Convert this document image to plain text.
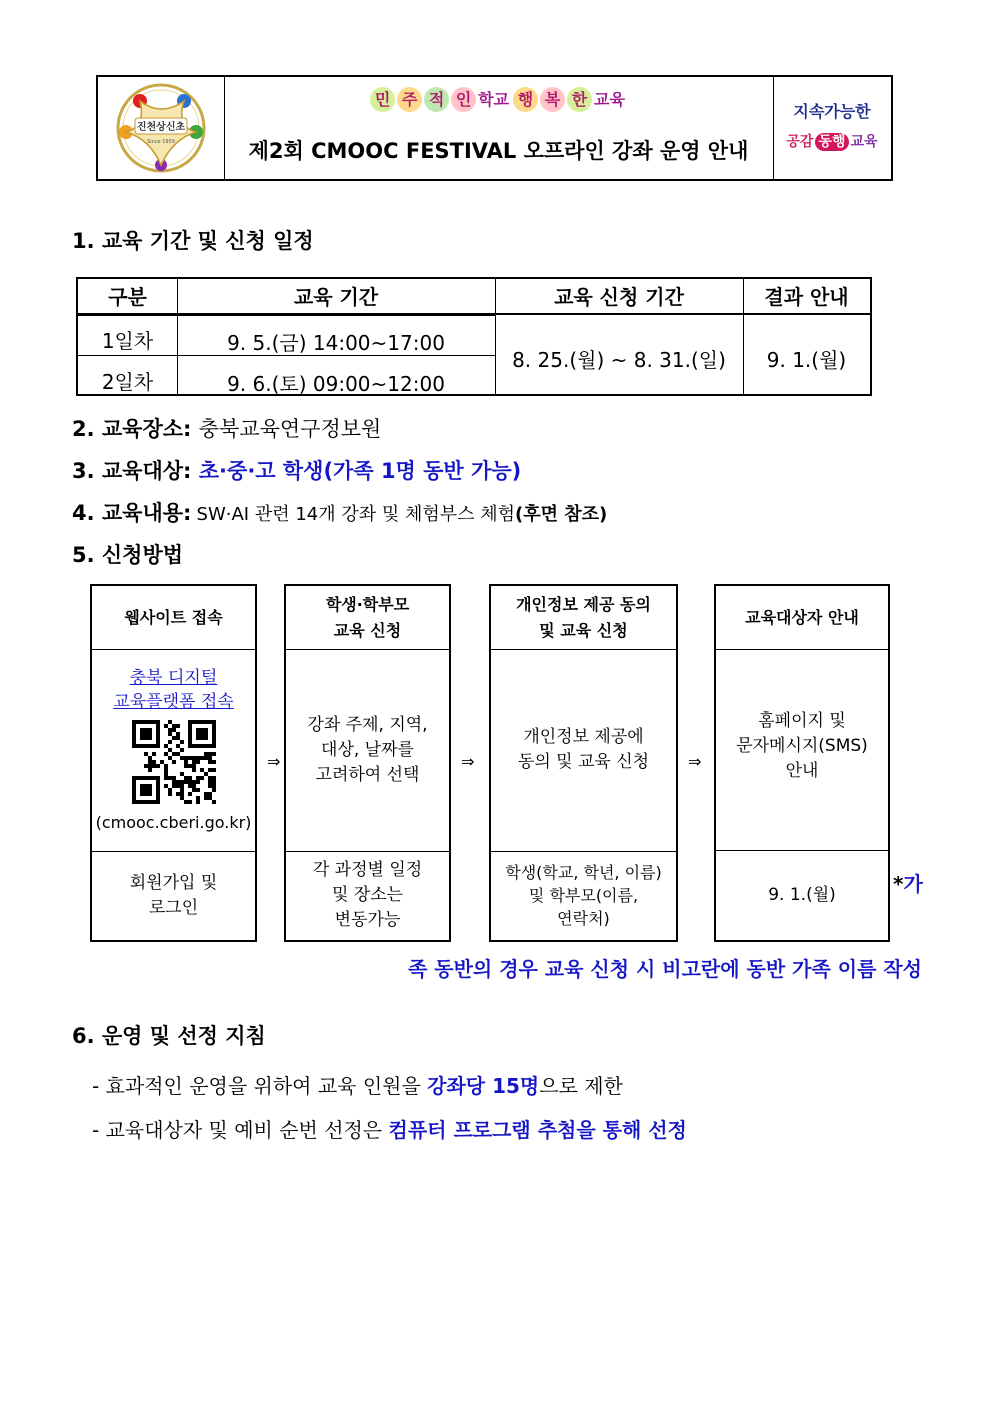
진천상신초
Since 1959
민 주 적 인 학교 행 복 한 교육
제2회 CMOOC FESTIVAL 오프라인 강좌 운영 안내
지속가능한
공감 동행 교육
1. 교육 기간 및 신청 일정
구분	교육 기간	교육 신청 기간	결과 안내
1일차	9. 5.(금) 14:00~17:00
2일차	9. 6.(토) 09:00~12:00
8. 25.(월) ~ 8. 31.(일)	9. 1.(월)
2. 교육장소: 충북교육연구정보원
3. 교육대상: 초·중·고 학생(가족 1명 동반 가능)
4. 교육내용: SW·AI 관련 14개 강좌 및 체험부스 체험(후면 참조)
5. 신청방법
웹사이트 접속
충북 디지털
교육플랫폼 접속
(cmooc.cberi.go.kr)
회원가입 및
로그인
⇒
학생·학부모
교육 신청
강좌 주제, 지역,
대상, 날짜를
고려하여 선택
각 과정별 일정
및 장소는
변동가능
⇒
개인정보 제공 동의
및 교육 신청
개인정보 제공에
동의 및 교육 신청
학생(학교, 학년, 이름)
및 학부모(이름,
연락처)
⇒
교육대상자 안내
홈페이지 및
문자메시지(SMS)
안내
9. 1.(월)	*가
족 동반의 경우 교육 신청 시 비고란에 동반 가족 이름 작성
6. 운영 및 선정 지침
- 효과적인 운영을 위하여 교육 인원을 강좌당 15명으로 제한
- 교육대상자 및 예비 순번 선정은 컴퓨터 프로그램 추첨을 통해 선정
